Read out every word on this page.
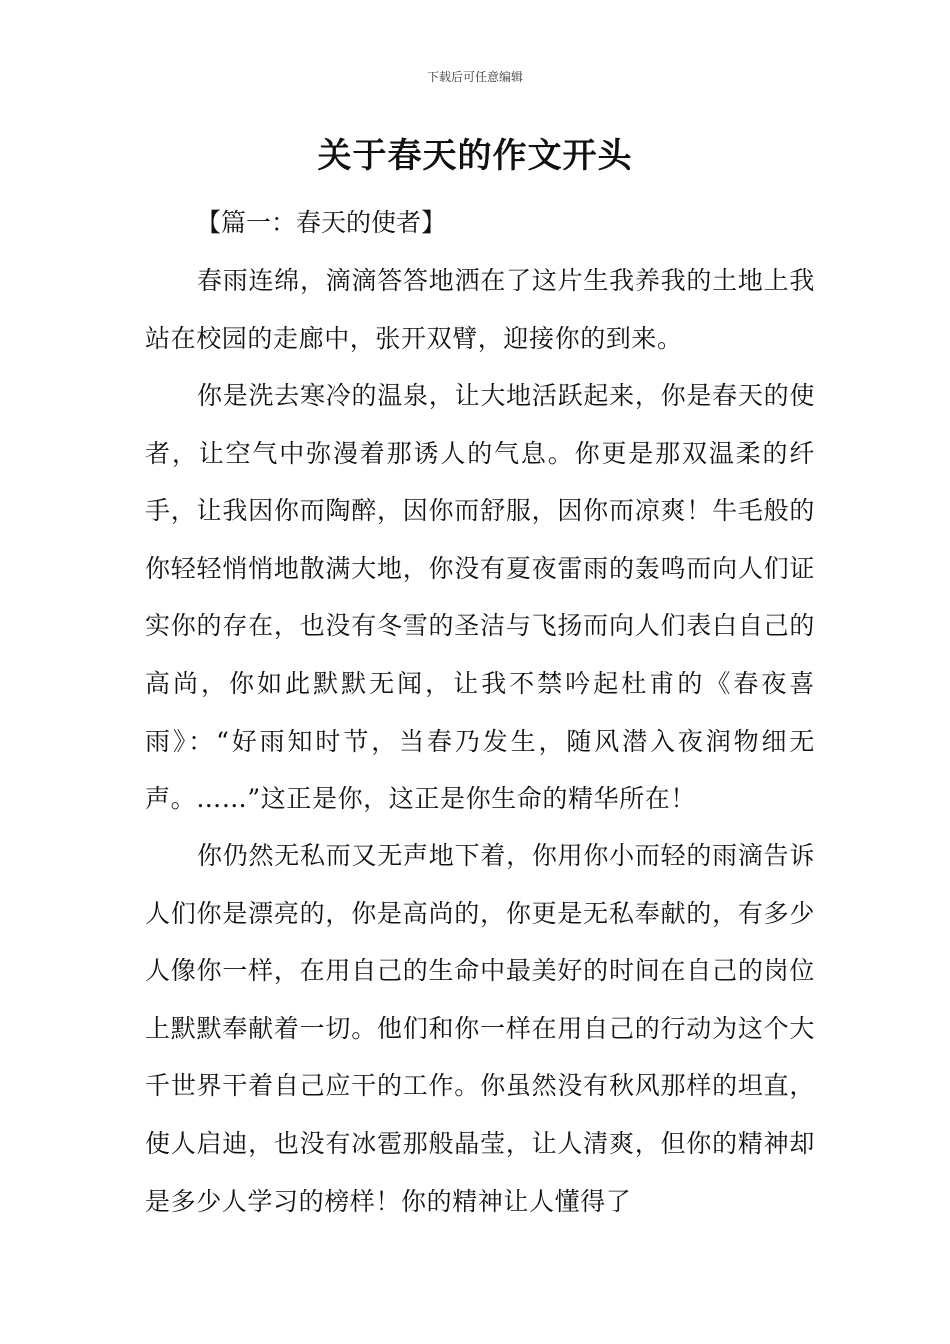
下载后可任意编辑
关于春天的作文开头
【篇一：春天的使者】

春雨连绵，滴滴答答地洒在了这片生我养我的土地上我站在校园的走廊中，张开双臂，迎接你的到来。

你是洗去寒冷的温泉，让大地活跃起来，你是春天的使者，让空气中弥漫着那诱人的气息。你更是那双温柔的纤手，让我因你而陶醉，因你而舒服，因你而凉爽！牛毛般的你轻轻悄悄地散满大地，你没有夏夜雷雨的轰鸣而向人们证实你的存在，也没有冬雪的圣洁与飞扬而向人们表白自己的高尚，你如此默默无闻，让我不禁吟起杜甫的《春夜喜雨》：“好雨知时节，当春乃发生，随风潜入夜润物细无声。……”这正是你，这正是你生命的精华所在！

你仍然无私而又无声地下着，你用你小而轻的雨滴告诉人们你是漂亮的，你是高尚的，你更是无私奉献的，有多少人像你一样，在用自己的生命中最美好的时间在自己的岗位上默默奉献着一切。他们和你一样在用自己的行动为这个大千世界干着自己应干的工作。你虽然没有秋风那样的坦直，使人启迪，也没有冰雹那般晶莹，让人清爽，但你的精神却是多少人学习的榜样！你的精神让人懂得了
